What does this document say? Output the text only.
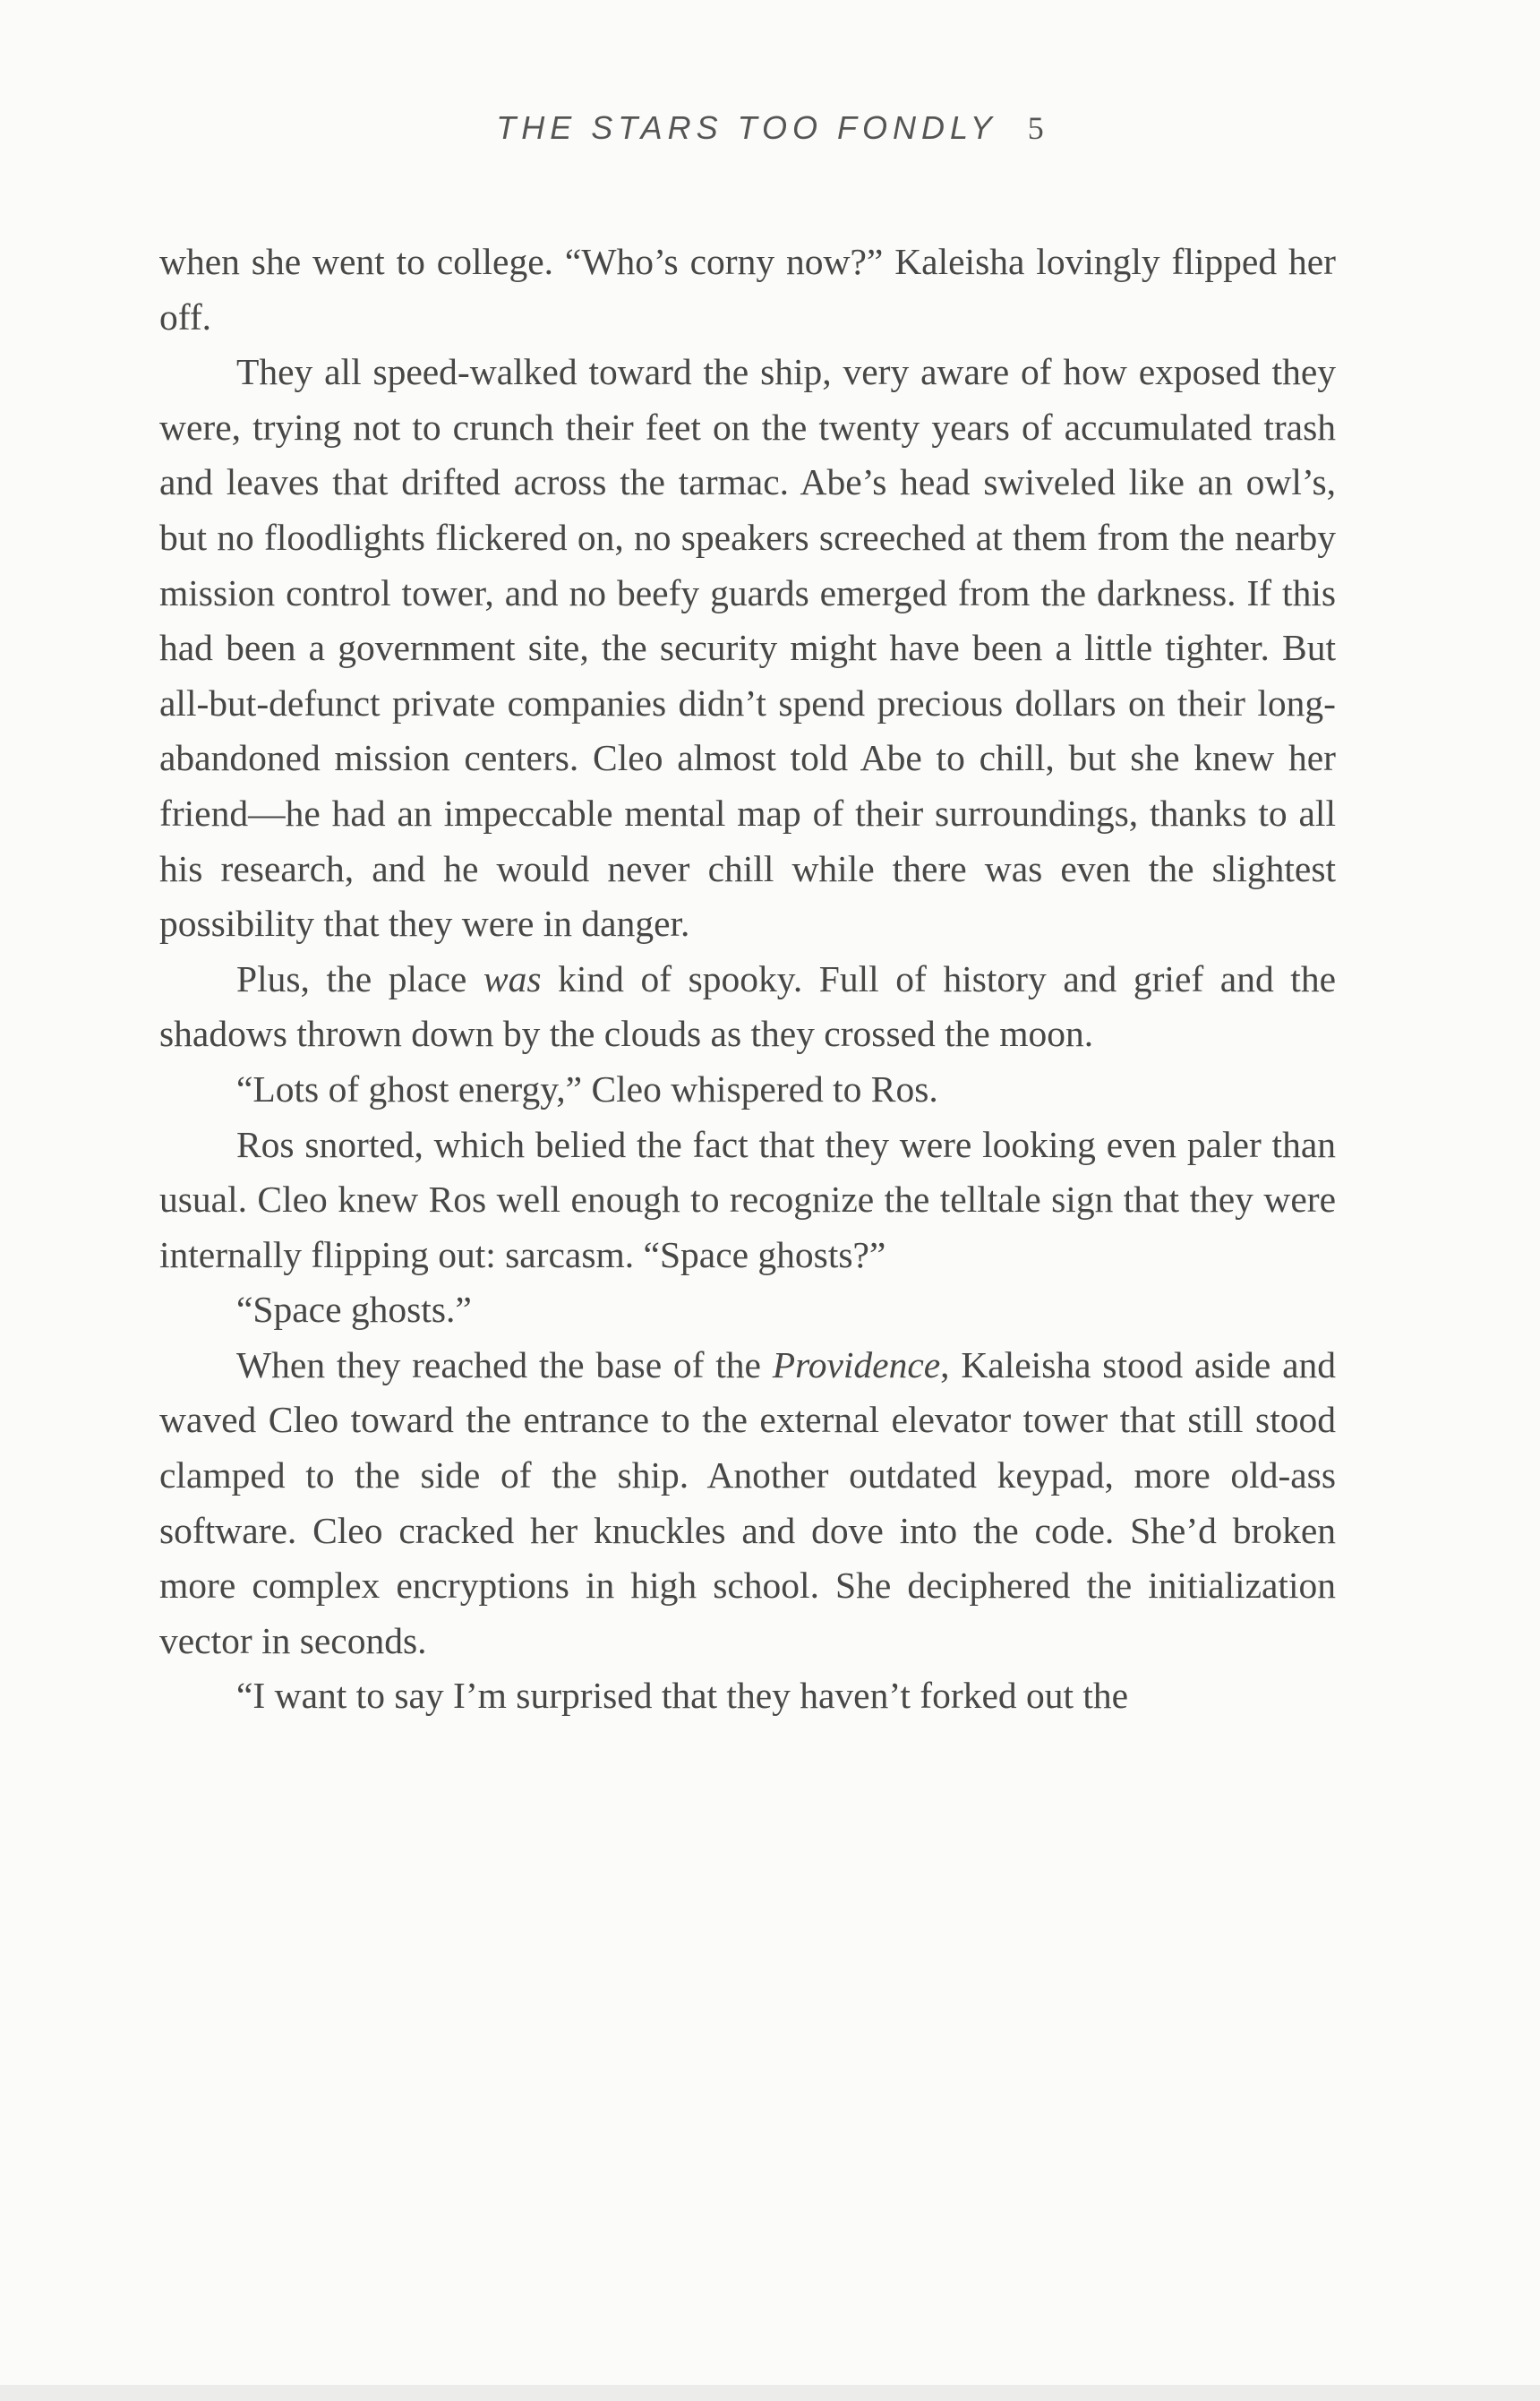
THE STARS TOO FONDLY 5

when she went to college. “Who’s corny now?” Kaleisha lovingly flipped her off.

They all speed-walked toward the ship, very aware of how exposed they were, trying not to crunch their feet on the twenty years of accumulated trash and leaves that drifted across the tarmac. Abe’s head swiveled like an owl’s, but no floodlights flickered on, no speakers screeched at them from the nearby mission control tower, and no beefy guards emerged from the darkness. If this had been a government site, the security might have been a little tighter. But all-but-defunct private companies didn’t spend precious dollars on their long-abandoned mission centers. Cleo almost told Abe to chill, but she knew her friend—he had an impeccable mental map of their surroundings, thanks to all his research, and he would never chill while there was even the slightest possibility that they were in danger.

Plus, the place was kind of spooky. Full of history and grief and the shadows thrown down by the clouds as they crossed the moon.

“Lots of ghost energy,” Cleo whispered to Ros.

Ros snorted, which belied the fact that they were looking even paler than usual. Cleo knew Ros well enough to recognize the telltale sign that they were internally flipping out: sarcasm. “Space ghosts?”

“Space ghosts.”

When they reached the base of the Providence, Kaleisha stood aside and waved Cleo toward the entrance to the external elevator tower that still stood clamped to the side of the ship. Another outdated keypad, more old-ass software. Cleo cracked her knuckles and dove into the code. She’d broken more complex encryptions in high school. She deciphered the initialization vector in seconds.

“I want to say I’m surprised that they haven’t forked out the
